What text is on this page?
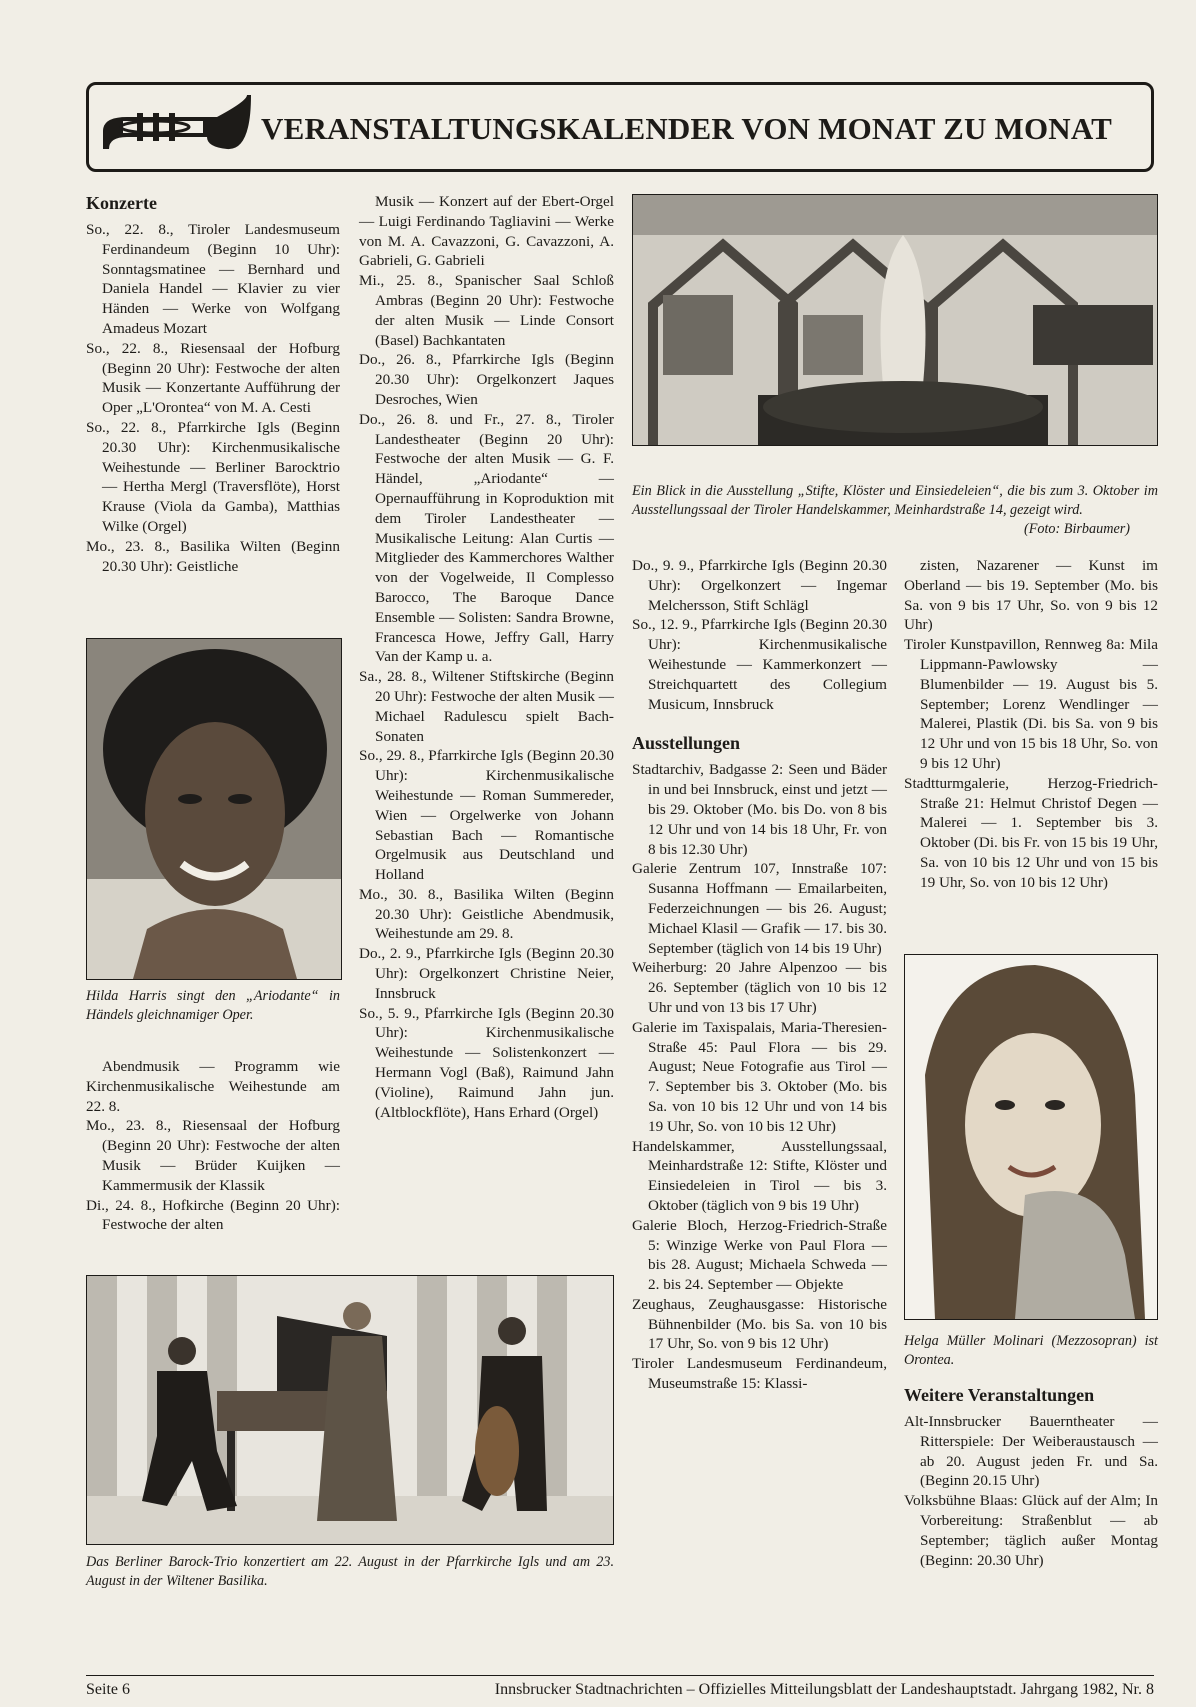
VERANSTALTUNGSKALENDER VON MONAT ZU MONAT
Konzerte

So., 22. 8., Tiroler Landesmuseum Ferdinandeum (Beginn 10 Uhr): Sonntagsmatinee — Bernhard und Daniela Handel — Klavier zu vier Händen — Werke von Wolfgang Amadeus Mozart

So., 22. 8., Riesensaal der Hofburg (Beginn 20 Uhr): Festwoche der alten Musik — Konzertante Aufführung der Oper „L'Orontea“ von M. A. Cesti

So., 22. 8., Pfarrkirche Igls (Beginn 20.30 Uhr): Kirchenmusikalische Weihestunde — Berliner Barocktrio — Hertha Mergl (Traversflöte), Horst Krause (Viola da Gamba), Matthias Wilke (Orgel)

Mo., 23. 8., Basilika Wilten (Beginn 20.30 Uhr): Geistliche

Hilda Harris singt den „Ariodante“ in Händels gleichnamiger Oper.

Abendmusik — Programm wie Kirchenmusikalische Weihestunde am 22. 8.

Mo., 23. 8., Riesensaal der Hofburg (Beginn 20 Uhr): Festwoche der alten Musik — Brüder Kuijken — Kammermusik der Klassik

Di., 24. 8., Hofkirche (Beginn 20 Uhr): Festwoche der alten

Musik — Konzert auf der Ebert-Orgel — Luigi Ferdinando Tagliavini — Werke von M. A. Cavazzoni, G. Cavazzoni, A. Gabrieli, G. Gabrieli

Mi., 25. 8., Spanischer Saal Schloß Ambras (Beginn 20 Uhr): Festwoche der alten Musik — Linde Consort (Basel) Bachkantaten

Do., 26. 8., Pfarrkirche Igls (Beginn 20.30 Uhr): Orgelkonzert Jaques Desroches, Wien

Do., 26. 8. und Fr., 27. 8., Tiroler Landestheater (Beginn 20 Uhr): Festwoche der alten Musik — G. F. Händel, „Ariodante“ — Opernaufführung in Koproduktion mit dem Tiroler Landestheater — Musikalische Leitung: Alan Curtis — Mitglieder des Kammerchores Walther von der Vogelweide, Il Complesso Barocco, The Baroque Dance Ensemble — Solisten: Sandra Browne, Francesca Howe, Jeffry Gall, Harry Van der Kamp u. a.

Sa., 28. 8., Wiltener Stiftskirche (Beginn 20 Uhr): Festwoche der alten Musik — Michael Radulescu spielt Bach-Sonaten

So., 29. 8., Pfarrkirche Igls (Beginn 20.30 Uhr): Kirchenmusikalische Weihestunde — Roman Summereder, Wien — Orgelwerke von Johann Sebastian Bach — Romantische Orgelmusik aus Deutschland und Holland

Mo., 30. 8., Basilika Wilten (Beginn 20.30 Uhr): Geistliche Abendmusik, Weihestunde am 29. 8.

Do., 2. 9., Pfarrkirche Igls (Beginn 20.30 Uhr): Orgelkonzert Christine Neier, Innsbruck

So., 5. 9., Pfarrkirche Igls (Beginn 20.30 Uhr): Kirchenmusikalische Weihestunde — Solistenkonzert — Hermann Vogl (Baß), Raimund Jahn (Violine), Raimund Jahn jun. (Altblockflöte), Hans Erhard (Orgel)

Ein Blick in die Ausstellung „Stifte, Klöster und Einsiedeleien“, die bis zum 3. Oktober im Ausstellungssaal der Tiroler Handelskammer, Meinhardstraße 14, gezeigt wird.
(Foto: Birbaumer)

Do., 9. 9., Pfarrkirche Igls (Beginn 20.30 Uhr): Orgelkonzert — Ingemar Melchersson, Stift Schlägl

So., 12. 9., Pfarrkirche Igls (Beginn 20.30 Uhr): Kirchenmusikalische Weihestunde — Kammerkonzert — Streichquartett des Collegium Musicum, Innsbruck

Ausstellungen

Stadtarchiv, Badgasse 2: Seen und Bäder in und bei Innsbruck, einst und jetzt — bis 29. Oktober (Mo. bis Do. von 8 bis 12 Uhr und von 14 bis 18 Uhr, Fr. von 8 bis 12.30 Uhr)

Galerie Zentrum 107, Innstraße 107: Susanna Hoffmann — Emailarbeiten, Federzeichnungen — bis 26. August; Michael Klasil — Grafik — 17. bis 30. September (täglich von 14 bis 19 Uhr)

Weiherburg: 20 Jahre Alpenzoo — bis 26. September (täglich von 10 bis 12 Uhr und von 13 bis 17 Uhr)

Galerie im Taxispalais, Maria-Theresien-Straße 45: Paul Flora — bis 29. August; Neue Fotografie aus Tirol — 7. September bis 3. Oktober (Mo. bis Sa. von 10 bis 12 Uhr und von 14 bis 19 Uhr, So. von 10 bis 12 Uhr)

Handelskammer, Ausstellungssaal, Meinhardstraße 12: Stifte, Klöster und Einsiedeleien in Tirol — bis 3. Oktober (täglich von 9 bis 19 Uhr)

Galerie Bloch, Herzog-Friedrich-Straße 5: Winzige Werke von Paul Flora — bis 28. August; Michaela Schweda — 2. bis 24. September — Objekte

Zeughaus, Zeughausgasse: Historische Bühnenbilder (Mo. bis Sa. von 10 bis 17 Uhr, So. von 9 bis 12 Uhr)

Tiroler Landesmuseum Ferdinandeum, Museumstraße 15: Klassi-

zisten, Nazarener — Kunst im Oberland — bis 19. September (Mo. bis Sa. von 9 bis 17 Uhr, So. von 9 bis 12 Uhr)

Tiroler Kunstpavillon, Rennweg 8a: Mila Lippmann-Pawlowsky — Blumenbilder — 19. August bis 5. September; Lorenz Wendlinger — Malerei, Plastik (Di. bis Sa. von 9 bis 12 Uhr und von 15 bis 18 Uhr, So. von 9 bis 12 Uhr)

Stadtturmgalerie, Herzog-Friedrich-Straße 21: Helmut Christof Degen — Malerei — 1. September bis 3. Oktober (Di. bis Fr. von 15 bis 19 Uhr, Sa. von 10 bis 12 Uhr und von 15 bis 19 Uhr, So. von 10 bis 12 Uhr)

Helga Müller Molinari (Mezzosopran) ist Orontea.
Weitere Veranstaltungen

Alt-Innsbrucker Bauerntheater — Ritterspiele: Der Weiberaustausch — ab 20. August jeden Fr. und Sa. (Beginn 20.15 Uhr)

Volksbühne Blaas: Glück auf der Alm; In Vorbereitung: Straßenblut — ab September; täglich außer Montag (Beginn: 20.30 Uhr)

Das Berliner Barock-Trio konzertiert am 22. August in der Pfarrkirche Igls und am 23. August in der Wiltener Basilika.
Seite 6	Innsbrucker Stadtnachrichten – Offizielles Mitteilungsblatt der Landeshauptstadt. Jahrgang 1982, Nr. 8
